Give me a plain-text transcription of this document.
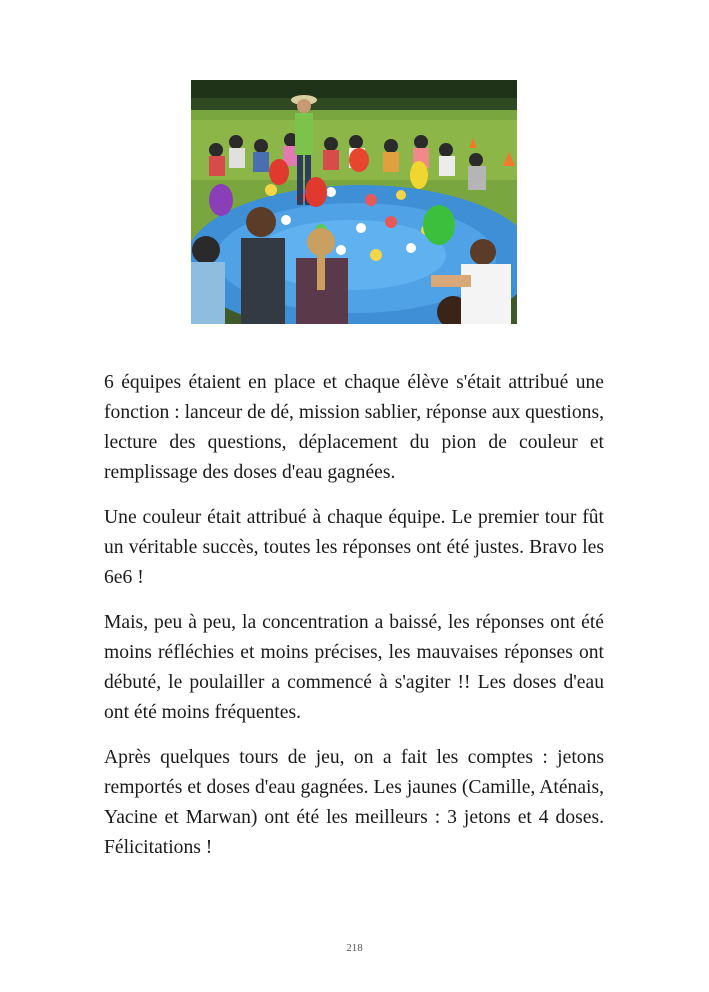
6 équipes étaient en place et chaque élève s'était attribué une fonction : lanceur de dé, mission sablier, réponse aux questions, lecture des questions, déplacement du pion de couleur et remplissage des doses d'eau gagnées.

Une couleur était attribué à chaque équipe. Le premier tour fût un véritable succès, toutes les réponses ont été justes. Bravo les 6e6 !

Mais, peu à peu, la concentration a baissé, les réponses ont été moins réfléchies et moins précises, les mauvaises réponses ont débuté, le poulailler a commencé à s'agiter !! Les doses d'eau ont été moins fréquentes.

Après quelques tours de jeu, on a fait les comptes : jetons remportés et doses d'eau gagnées. Les jaunes (Camille, Aténais, Yacine et Marwan) ont été les meilleurs : 3 jetons et 4 doses. Félicitations !

218
